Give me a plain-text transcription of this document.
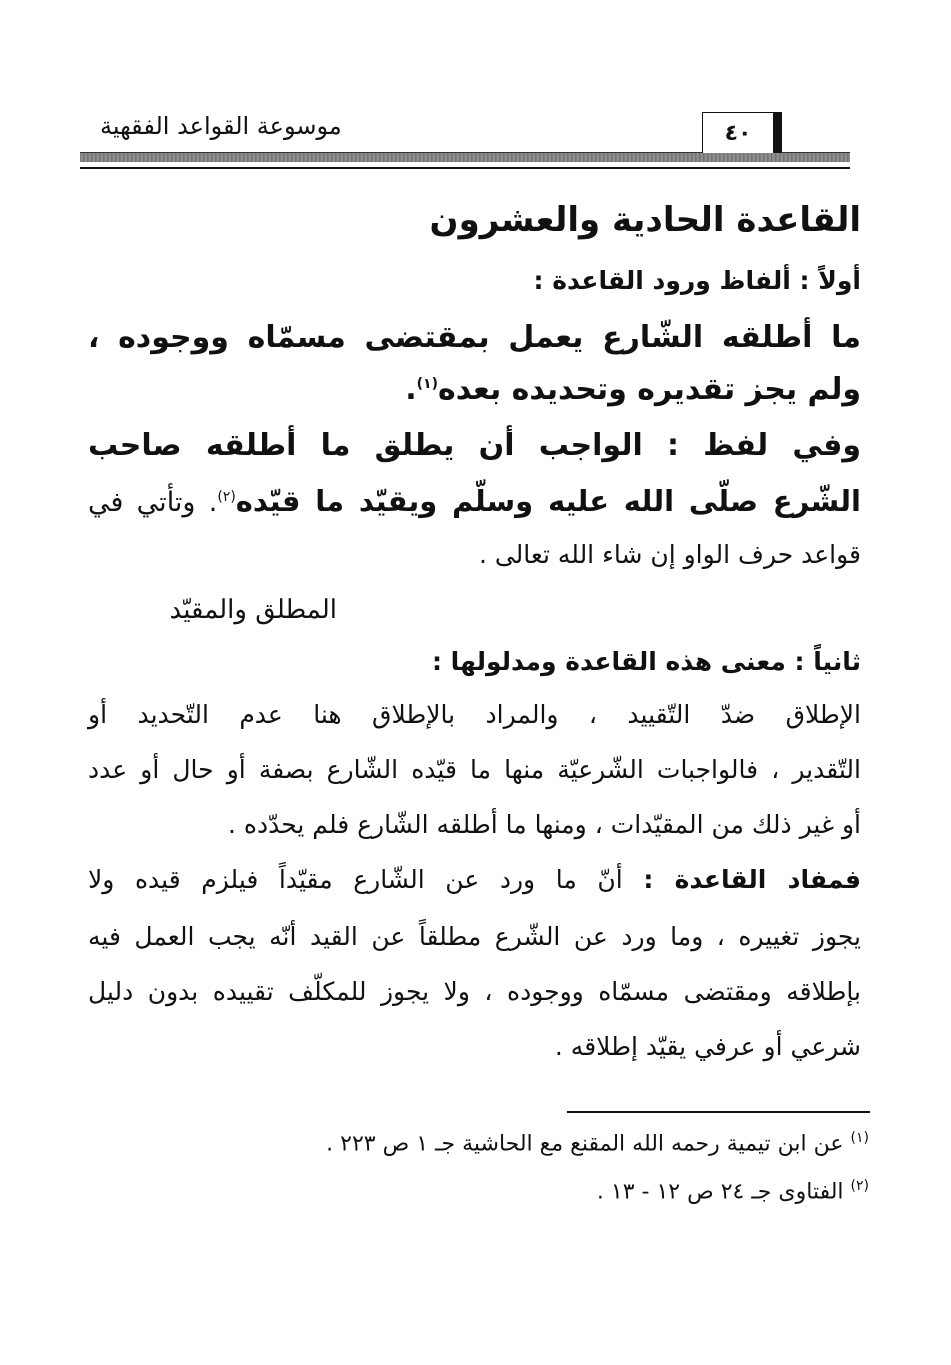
موسوعة القواعد الفقهية	٤٠
القاعدة الحادية والعشرون
أولاً : ألفاظ ورود القاعدة :
ما أطلقه الشّارع يعمل بمقتضى مسمّاه ووجوده ،
ولم يجز تقديره وتحديده بعده$^{(١)}$.
وفي لفظ : الواجب أن يطلق ما أطلقه صاحب
الشّرع صلّى الله عليه وسلّم ويقيّد ما قيّده$^{(٢)}$. وتأتي في
قواعد حرف الواو إن شاء الله تعالى .
المطلق والمقيّد
ثانياً : معنى هذه القاعدة ومدلولها :
الإطلاق ضدّ التّقييد ، والمراد بالإطلاق هنا عدم التّحديد أو
التّقدير ، فالواجبات الشّرعيّة منها ما قيّده الشّارع بصفة أو حال أو عدد
أو غير ذلك من المقيّدات ، ومنها ما أطلقه الشّارع فلم يحدّده .
فمفاد القاعدة : أنّ ما ورد عن الشّارع مقيّداً فيلزم قيده ولا
يجوز تغييره ، وما ورد عن الشّرع مطلقاً عن القيد أنّه يجب العمل فيه
بإطلاقه ومقتضى مسمّاه ووجوده ، ولا يجوز للمكلّف تقييده بدون دليل
شرعي أو عرفي يقيّد إطلاقه .
$^{(١)}$ عن ابن تيمية رحمه الله المقنع مع الحاشية جـ ١ ص ٢٢٣ .
$^{(٢)}$ الفتاوى جـ ٢٤ ص ١٢ - ١٣ .
